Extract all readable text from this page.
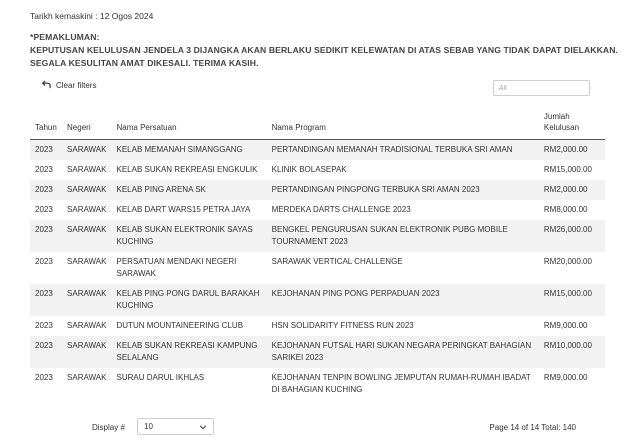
Tarikh kemaskini : 12 Ogos 2024
*PEMAKLUMAN:
KEPUTUSAN KELULUSAN JENDELA 3 DIJANGKA AKAN BERLAKU SEDIKIT KELEWATAN DI ATAS SEBAB YANG TIDAK DAPAT DIELAKKAN.
SEGALA KESULITAN AMAT DIKESALI. TERIMA KASIH.
Clear filters
All
Tahun	Negeri	Nama Persatuan	Nama Program	Jumlah
Kelulusan
2023	SARAWAK	KELAB MEMANAH SIMANGGANG	PERTANDINGAN MEMANAH TRADISIONAL TERBUKA SRI AMAN	RM2,000.00
2023	SARAWAK	KELAB SUKAN REKREASI ENGKULIK	KLINIK BOLASEPAK	RM15,000.00
2023	SARAWAK	KELAB PING ARENA SK	PERTANDINGAN PINGPONG TERBUKA SRI AMAN 2023	RM2,000.00
2023	SARAWAK	KELAB DART WARS15 PETRA JAYA	MERDEKA DARTS CHALLENGE 2023	RM8,000.00
2023	SARAWAK	KELAB SUKAN ELEKTRONIK SAYAS KUCHING	BENGKEL PENGURUSAN SUKAN ELEKTRONIK PUBG MOBILE TOURNAMENT 2023	RM26,000.00
2023	SARAWAK	PERSATUAN MENDAKI NEGERI SARAWAK	SARAWAK VERTICAL CHALLENGE	RM20,000.00
2023	SARAWAK	KELAB PING PONG DARUL BARAKAH KUCHING	KEJOHANAN PING PONG PERPADUAN 2023	RM15,000.00
2023	SARAWAK	DUTUN MOUNTAINEERING CLUB	HSN SOLIDARITY FITNESS RUN 2023	RM9,000.00
2023	SARAWAK	KELAB SUKAN REKREASI KAMPUNG SELALANG	KEJOHANAN FUTSAL HARI SUKAN NEGARA PERINGKAT BAHAGIAN SARIKEI 2023	RM10,000.00
2023	SARAWAK	SURAU DARUL IKHLAS	KEJOHANAN TENPIN BOWLING JEMPUTAN RUMAH-RUMAH IBADAT DI BAHAGIAN KUCHING	RM9,000.00
Display #	10	Page 14 of 14 Total: 140
